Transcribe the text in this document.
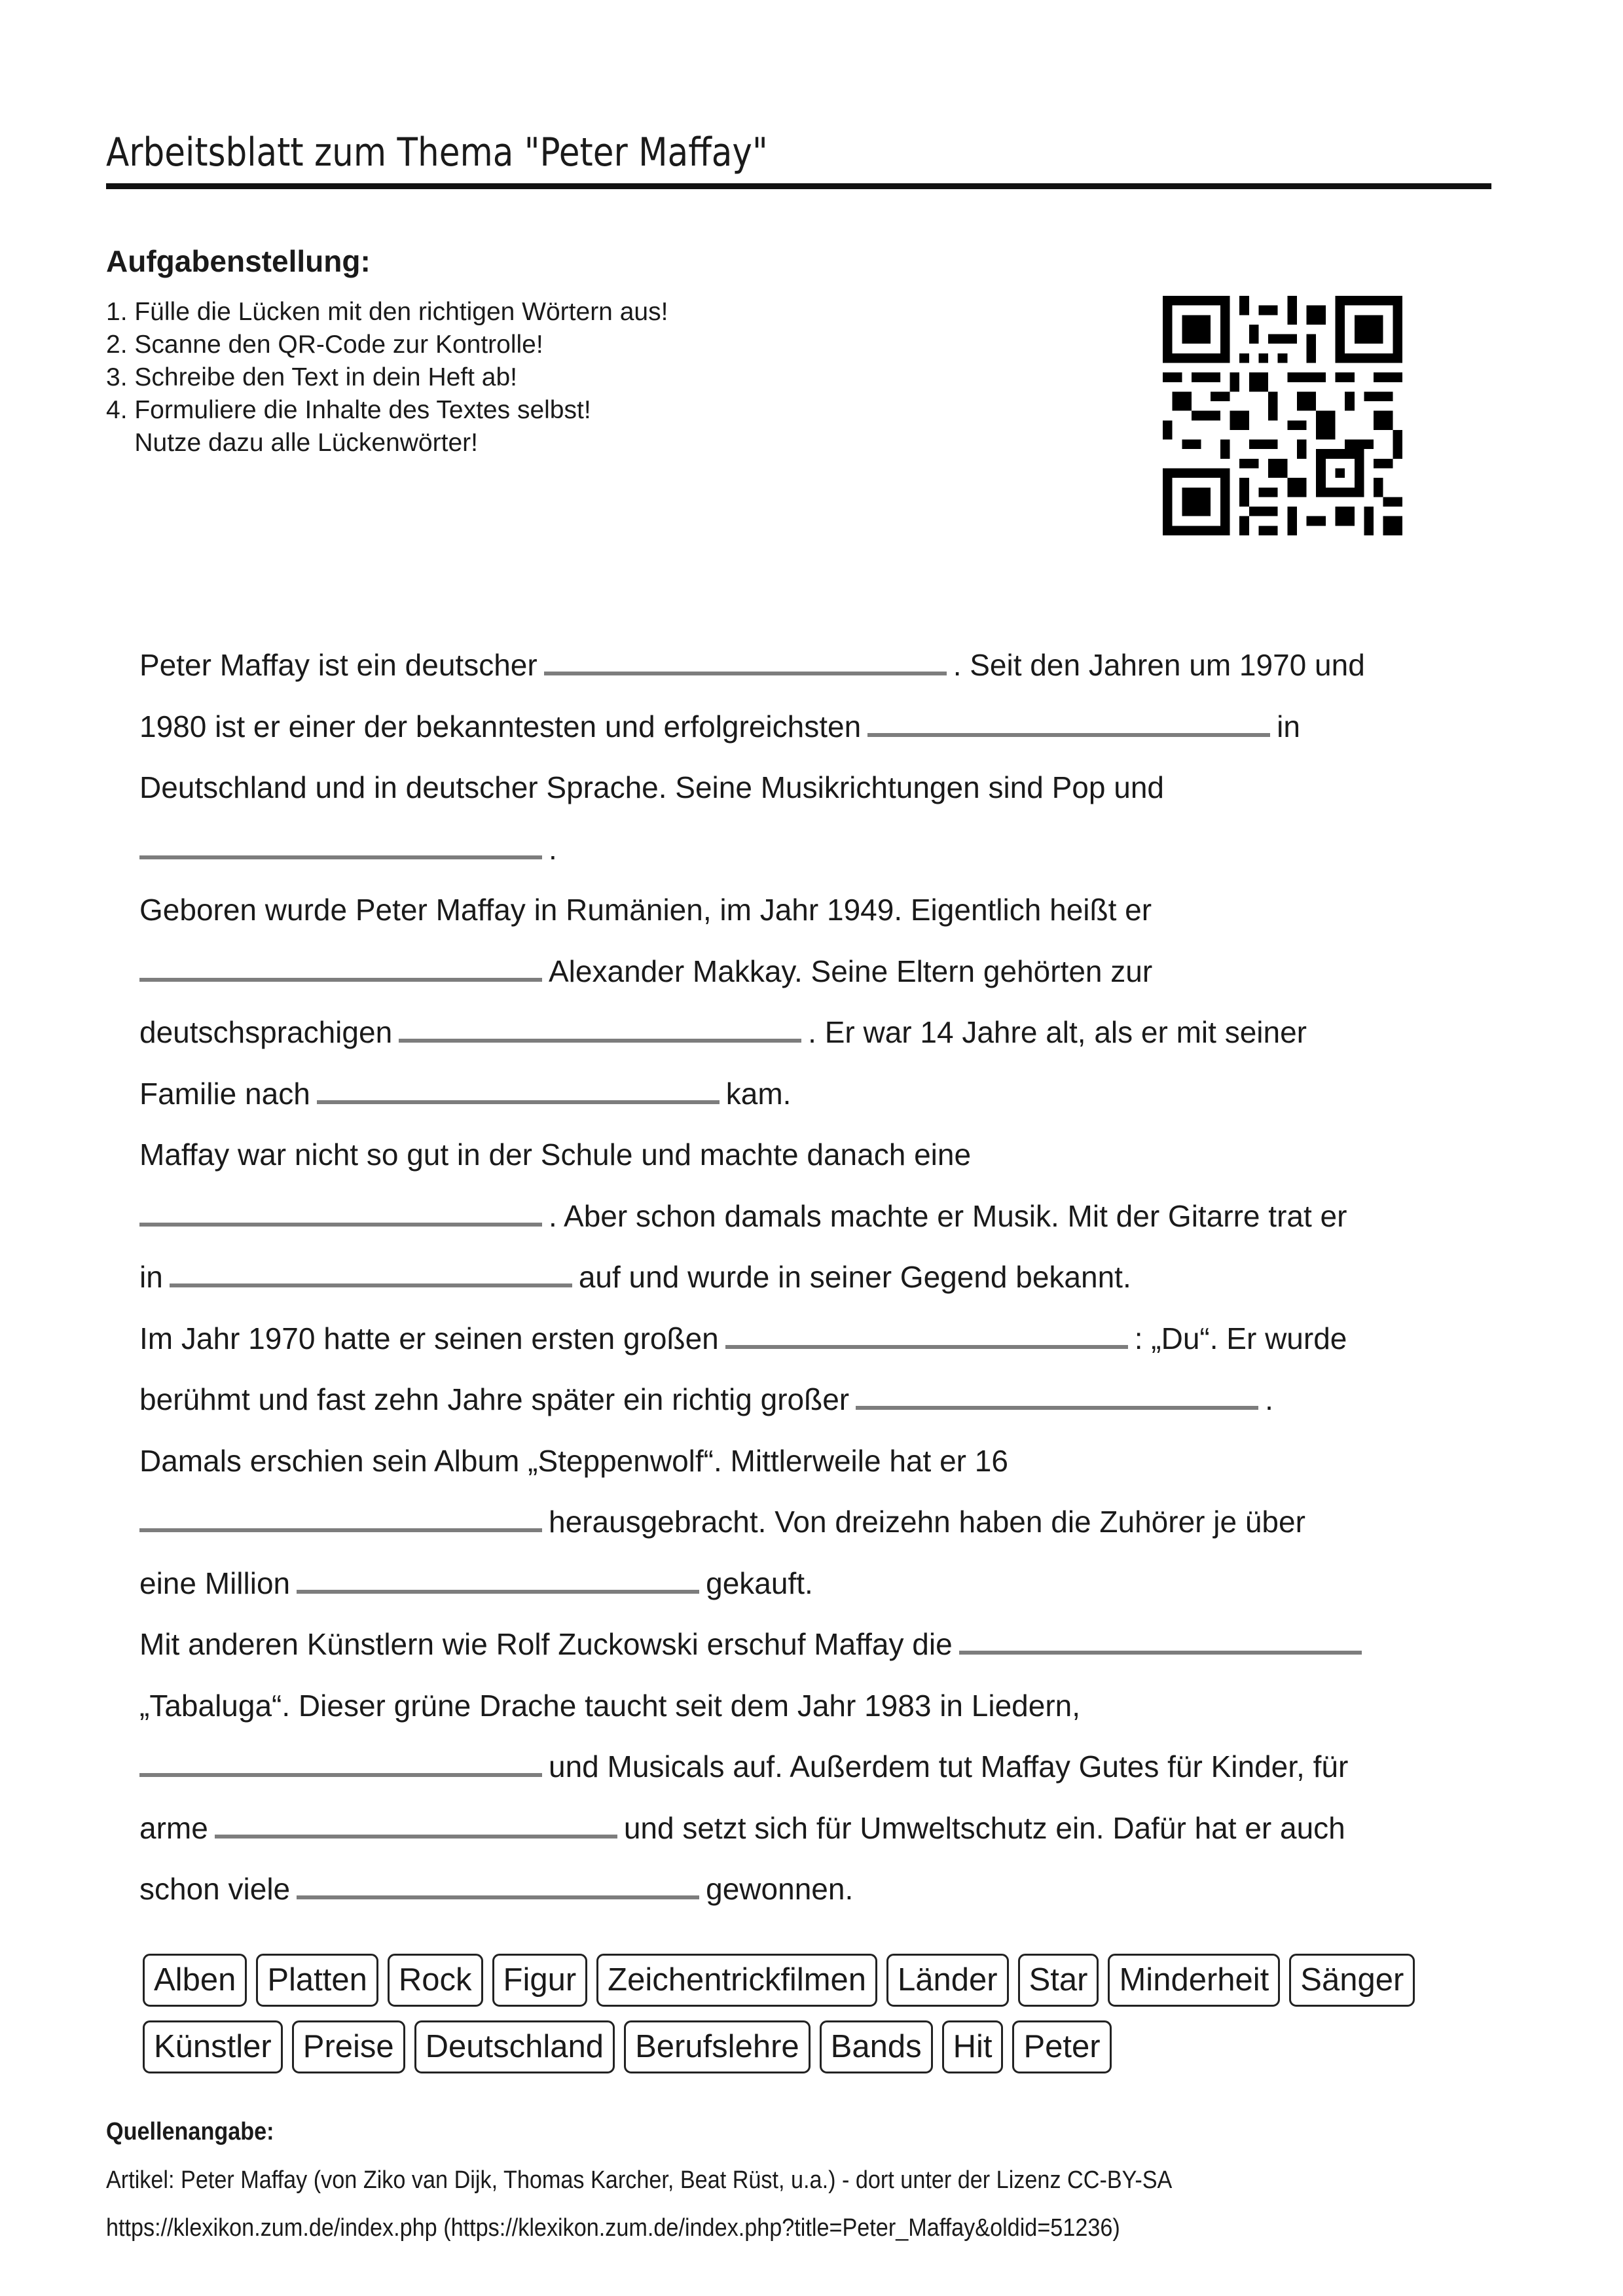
Arbeitsblatt zum Thema "Peter Maffay"
Aufgabenstellung:
1. Fülle die Lücken mit den richtigen Wörtern aus!
2. Scanne den QR-Code zur Kontrolle!
3. Schreibe den Text in dein Heft ab!
4. Formuliere die Inhalte des Textes selbst!
Nutze dazu alle Lückenwörter!
Peter Maffay ist ein deutscher	. Seit den Jahren um 1970 und
1980 ist er einer der bekanntesten und erfolgreichsten	in
Deutschland und in deutscher Sprache. Seine Musikrichtungen sind Pop und
.
Geboren wurde Peter Maffay in Rumänien, im Jahr 1949. Eigentlich heißt er
Alexander Makkay. Seine Eltern gehörten zur
deutschsprachigen	. Er war 14 Jahre alt, als er mit seiner
Familie nach	kam.
Maffay war nicht so gut in der Schule und machte danach eine
. Aber schon damals machte er Musik. Mit der Gitarre trat er
in	auf und wurde in seiner Gegend bekannt.
Im Jahr 1970 hatte er seinen ersten großen	: „Du“. Er wurde
berühmt und fast zehn Jahre später ein richtig großer	.
Damals erschien sein Album „Steppenwolf“. Mittlerweile hat er 16
herausgebracht. Von dreizehn haben die Zuhörer je über
eine Million	gekauft.
Mit anderen Künstlern wie Rolf Zuckowski erschuf Maffay die
„Tabaluga“. Dieser grüne Drache taucht seit dem Jahr 1983 in Liedern,
und Musicals auf. Außerdem tut Maffay Gutes für Kinder, für
arme	und setzt sich für Umweltschutz ein. Dafür hat er auch
schon viele	gewonnen.
Alben Platten Rock Figur Zeichentrickfilmen Länder Star Minderheit Sänger
Künstler Preise Deutschland Berufslehre Bands Hit Peter
Quellenangabe:
Artikel: Peter Maffay (von Ziko van Dijk, Thomas Karcher, Beat Rüst, u.a.) - dort unter der Lizenz CC-BY-SA
https://klexikon.zum.de/index.php (https://klexikon.zum.de/index.php?title=Peter_Maffay&oldid=51236)
